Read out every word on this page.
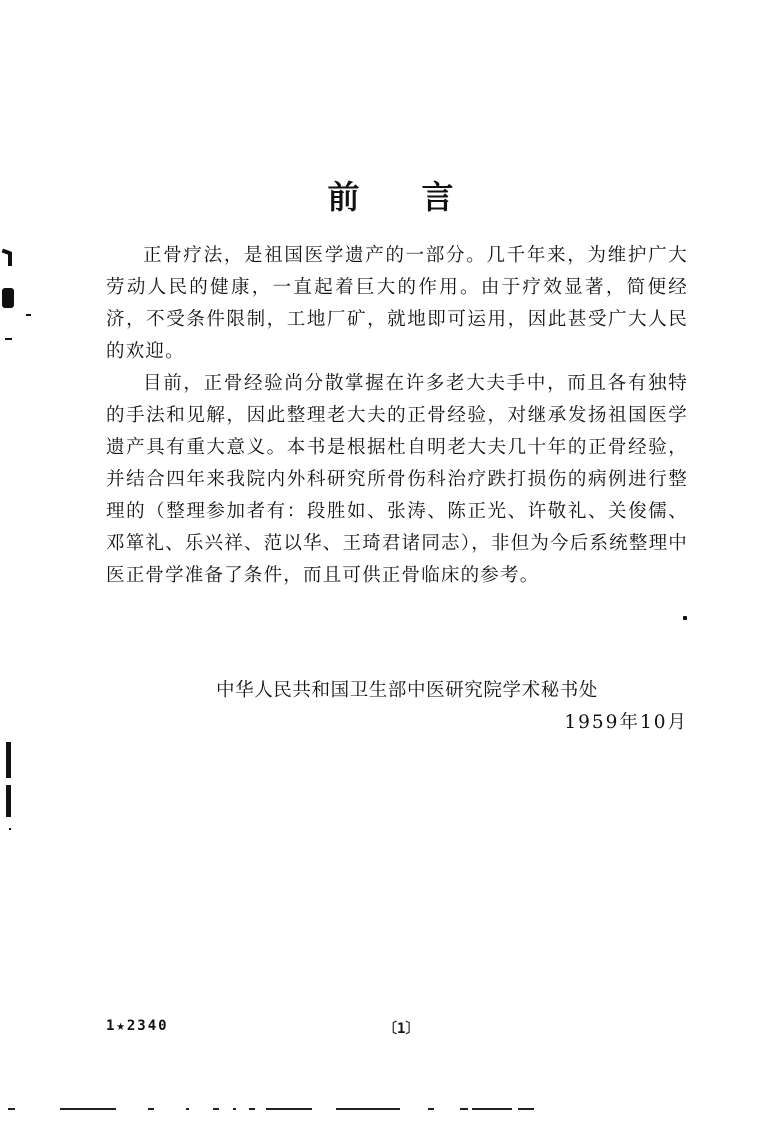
前 言

正骨疗法，是祖国医学遗产的一部分。几千年来，为维护广大劳动人民的健康，一直起着巨大的作用。由于疗效显著，简便经济，不受条件限制，工地厂矿，就地即可运用，因此甚受广大人民的欢迎。

目前，正骨经验尚分散掌握在许多老大夫手中，而且各有独特的手法和见解，因此整理老大夫的正骨经验，对继承发扬祖国医学遗产具有重大意义。本书是根据杜自明老大夫几十年的正骨经验，并结合四年来我院内外科研究所骨伤科治疗跌打损伤的病例进行整理的（整理参加者有：段胜如、张涛、陈正光、许敬礼、关俊儒、邓箪礼、乐兴祥、范以华、王琦君诸同志），非但为今后系统整理中医正骨学准备了条件，而且可供正骨临床的参考。

中华人民共和国卫生部中医研究院学术秘书处
1959年10月
1★2340	〔1〕
